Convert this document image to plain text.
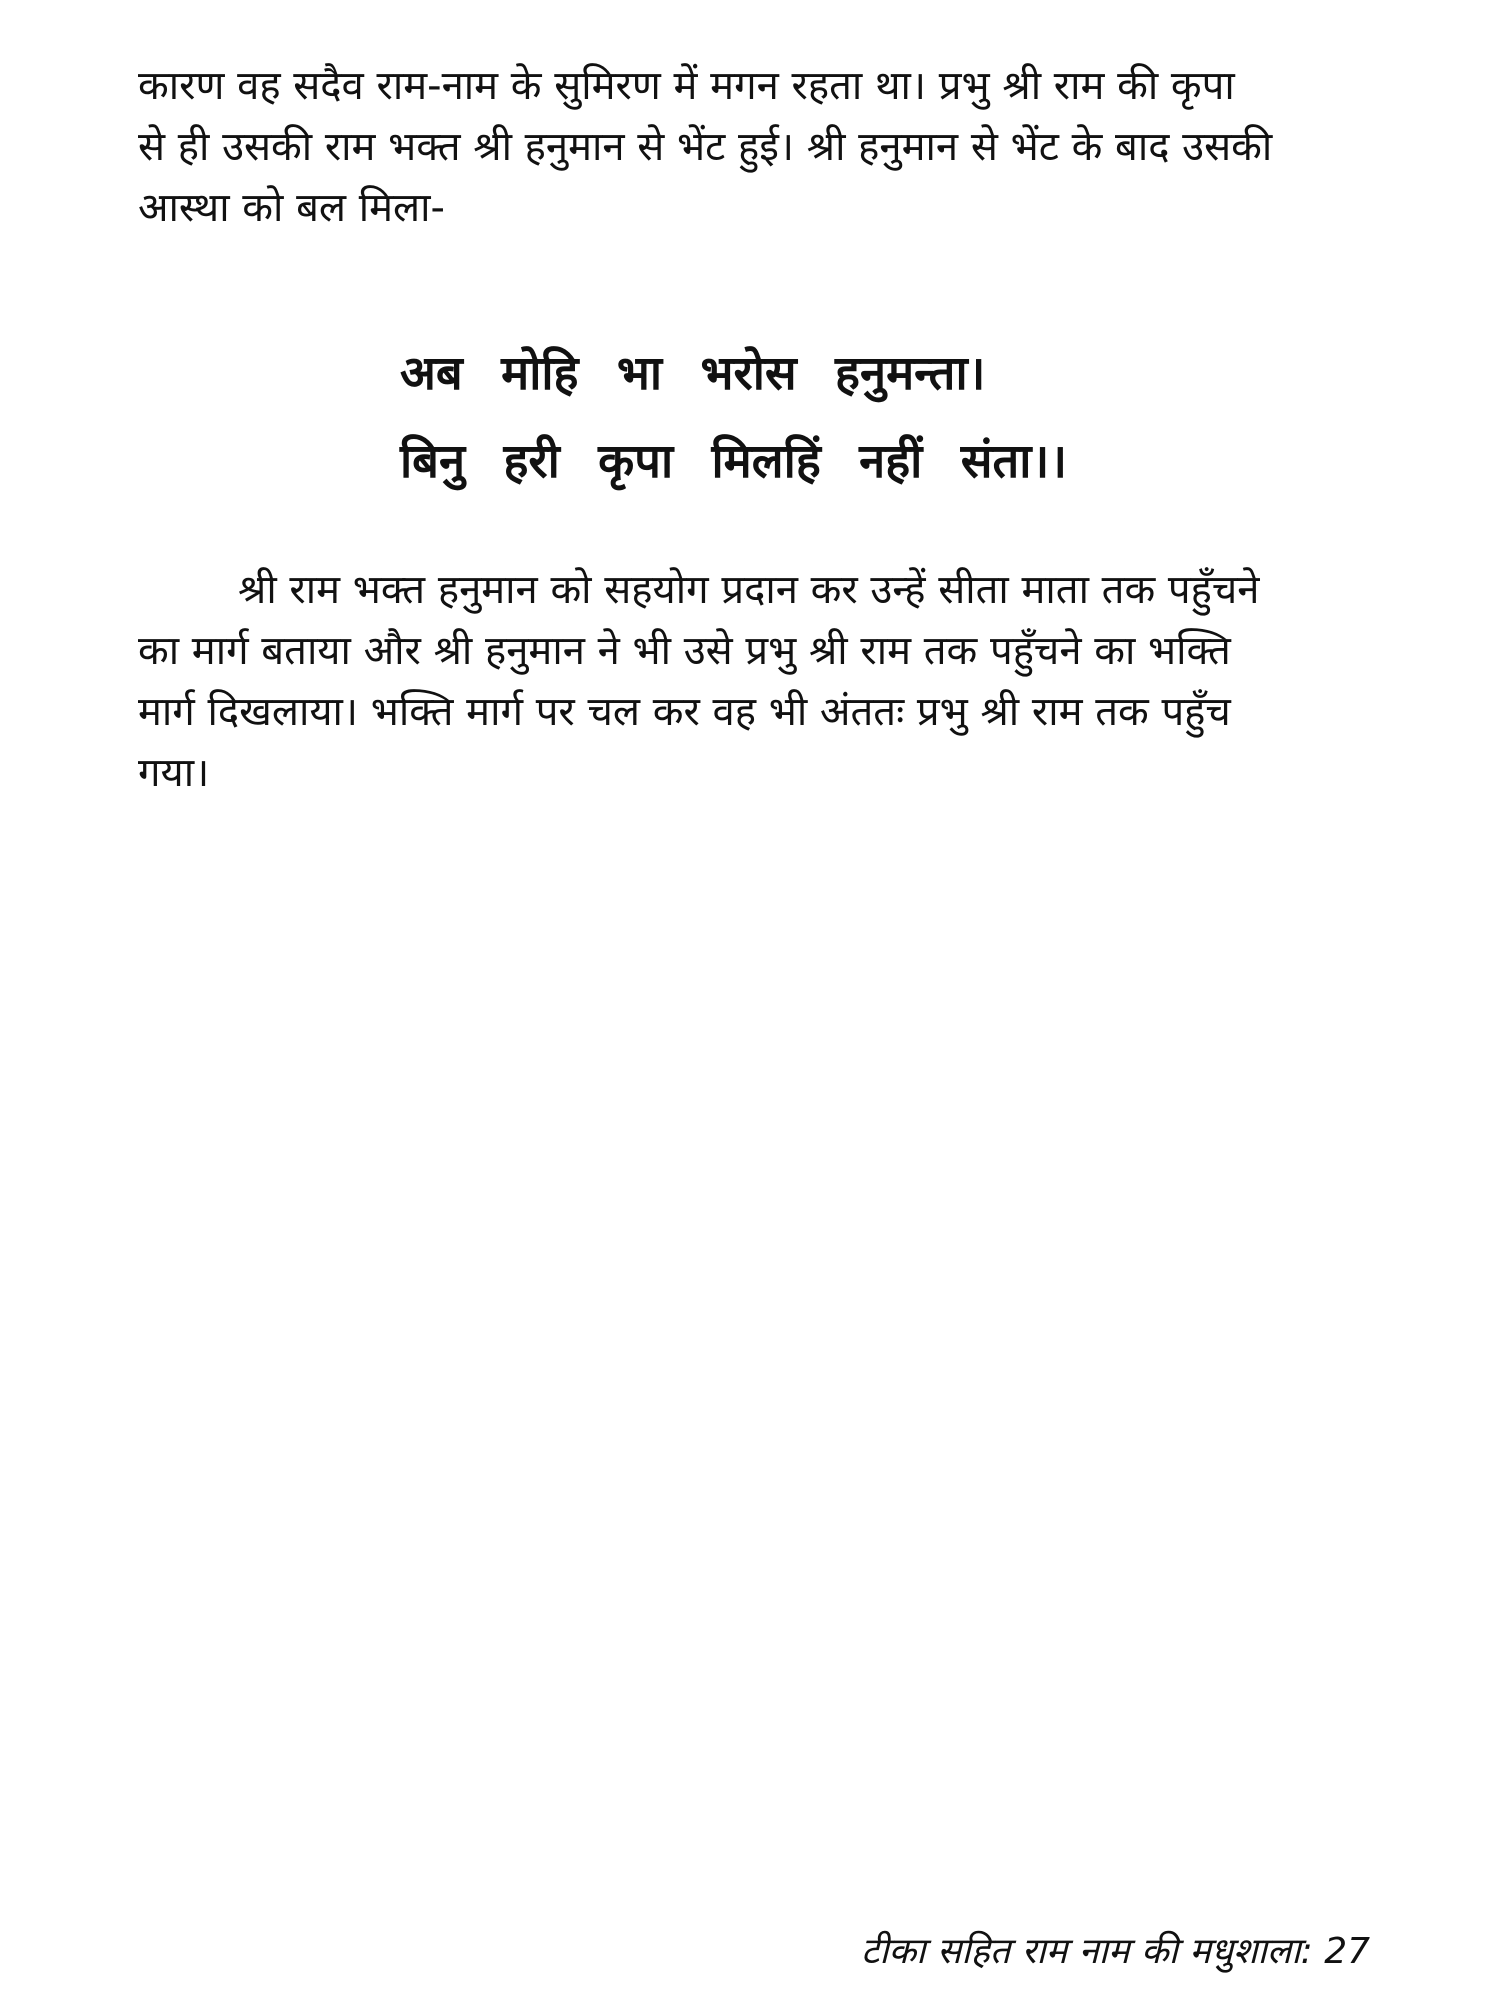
कारण वह सदैव राम-नाम के सुमिरण में मगन रहता था। प्रभु श्री राम की कृपा
से ही उसकी राम भक्त श्री हनुमान से भेंट हुई। श्री हनुमान से भेंट के बाद उसकी
आस्था को बल मिला-

अब मोहि भा भरोस हनुमन्ता।
बिनु हरी कृपा मिलहिं नहीं संता।।

श्री राम भक्त हनुमान को सहयोग प्रदान कर उन्हें सीता माता तक पहुँचने
का मार्ग बताया और श्री हनुमान ने भी उसे प्रभु श्री राम तक पहुँचने का भक्ति
मार्ग दिखलाया। भक्ति मार्ग पर चल कर वह भी अंततः प्रभु श्री राम तक पहुँच
गया।

टीका सहित राम नाम की मधुशाला: 27
